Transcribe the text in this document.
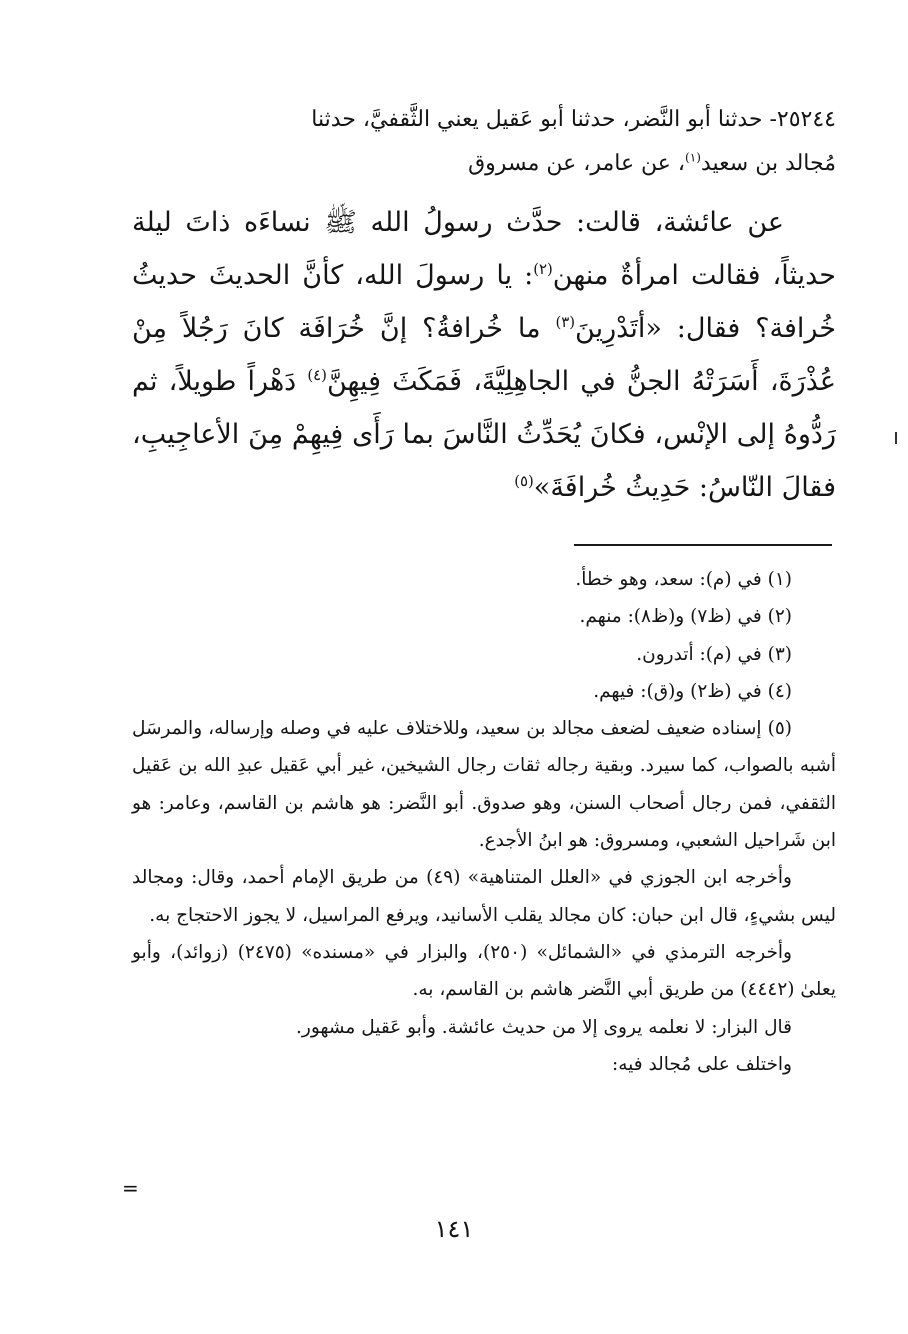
٢٥٢٤٤- حدثنا أبو النَّضر، حدثنا أبو عَقيل يعني الثَّقفيَّ، حدثنا

مُجالد بن سعيد$^{(١)}$، عن عامر، عن مسروق

عن عائشة، قالت: حدَّث رسولُ الله ﷺ نساءَه ذاتَ ليلة حديثاً، فقالت امرأةٌ منهن$^{(٢)}$: يا رسولَ الله، كأنَّ الحديثَ حديثُ خُرافة؟ فقال: «أتَدْرِينَ$^{(٣)}$ ما خُرافةُ؟ إنَّ خُرَافَة كانَ رَجُلاً مِنْ عُذْرَةَ، أَسَرَتْهُ الجنُّ في الجاهِلِيَّةَ، فَمَكَثَ فِيهِنَّ$^{(٤)}$ دَهْراً طويلاً، ثم رَدُّوهُ إلى الإنْس، فكانَ يُحَدِّثُ النَّاسَ بما رَأَى فِيهِمْ مِنَ الأعاجِيبِ، فقالَ النّاسُ: حَدِيثُ خُرافَةَ»$^{(٥)}$

(١) في (م): سعد، وهو خطأ.

(٢) في (ظ٧) و(ظ٨): منهم.

(٣) في (م): أتدرون.

(٤) في (ظ٢) و(ق): فيهم.

(٥) إسناده ضعيف لضعف مجالد بن سعيد، وللاختلاف عليه في وصله وإرساله، والمرسَل أشبه بالصواب، كما سيرد. وبقية رجاله ثقات رجال الشيخين، غير أبي عَقيل عبدِ الله بن عَقيل الثقفي، فمن رجال أصحاب السنن، وهو صدوق. أبو النَّضر: هو هاشم بن القاسم، وعامر: هو ابن شَراحيل الشعبي، ومسروق: هو ابنُ الأجدع.

وأخرجه ابن الجوزي في «العلل المتناهية» (٤٩) من طريق الإمام أحمد، وقال: ومجالد ليس بشيءٍ، قال ابن حبان: كان مجالد يقلب الأسانيد، ويرفع المراسيل، لا يجوز الاحتجاج به.

وأخرجه الترمذي في «الشمائل» (٢٥٠)، والبزار في «مسنده» (٢٤٧٥) (زوائد)، وأبو يعلىٰ (٤٤٤٢) من طريق أبي النَّضر هاشم بن القاسم، به.

قال البزار: لا نعلمه يروى إلا من حديث عائشة. وأبو عَقيل مشهور.

واختلف على مُجالد فيه:

=
١٤١
